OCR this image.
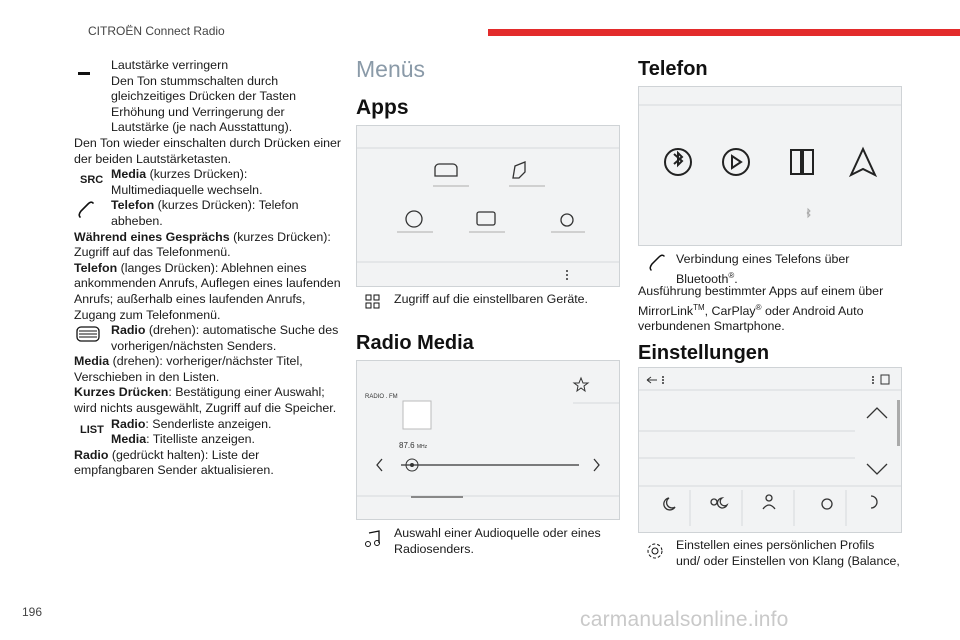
CITROËN Connect Radio
Lautstärke verringern

Den Ton stummschalten durch gleichzeitiges Drücken der Tasten Erhöhung und Verringerung der Lautstärke (je nach Ausstattung).

Den Ton wieder einschalten durch Drücken einer der beiden Lautstärketasten.

SRC Media (kurzes Drücken): Multimediaquelle wechseln.
Telefon (kurzes Drücken): Telefon abheben.

Während eines Gesprächs (kurzes Drücken): Zugriff auf das Telefonmenü.

Telefon (langes Drücken): Ablehnen eines ankommenden Anrufs, Auflegen eines laufenden Anrufs; außerhalb eines laufenden Anrufs, Zugang zum Telefonmenü.

Radio (drehen): automatische Suche des vorherigen/nächsten Senders.

Media (drehen): vorheriger/nächster Titel, Verschieben in den Listen.

Kurzes Drücken: Bestätigung einer Auswahl; wird nichts ausgewählt, Zugriff auf die Speicher.

LIST Radio: Senderliste anzeigen.
Media: Titelliste anzeigen.

Radio (gedrückt halten): Liste der empfangbaren Sender aktualisieren.

Menüs
Apps
Zugriff auf die einstellbaren Geräte.
Radio Media
RADIO . FM
87.6 MHz
Auswahl einer Audioquelle oder eines Radiosenders.
Telefon
Verbindung eines Telefons über Bluetooth®.
Ausführung bestimmter Apps auf einem über MirrorLink™, CarPlay® oder Android Auto verbundenen Smartphone.
Einstellungen
Einstellen eines persönlichen Profils und/ oder Einstellen von Klang (Balance,
196	carmanualsonline.info
